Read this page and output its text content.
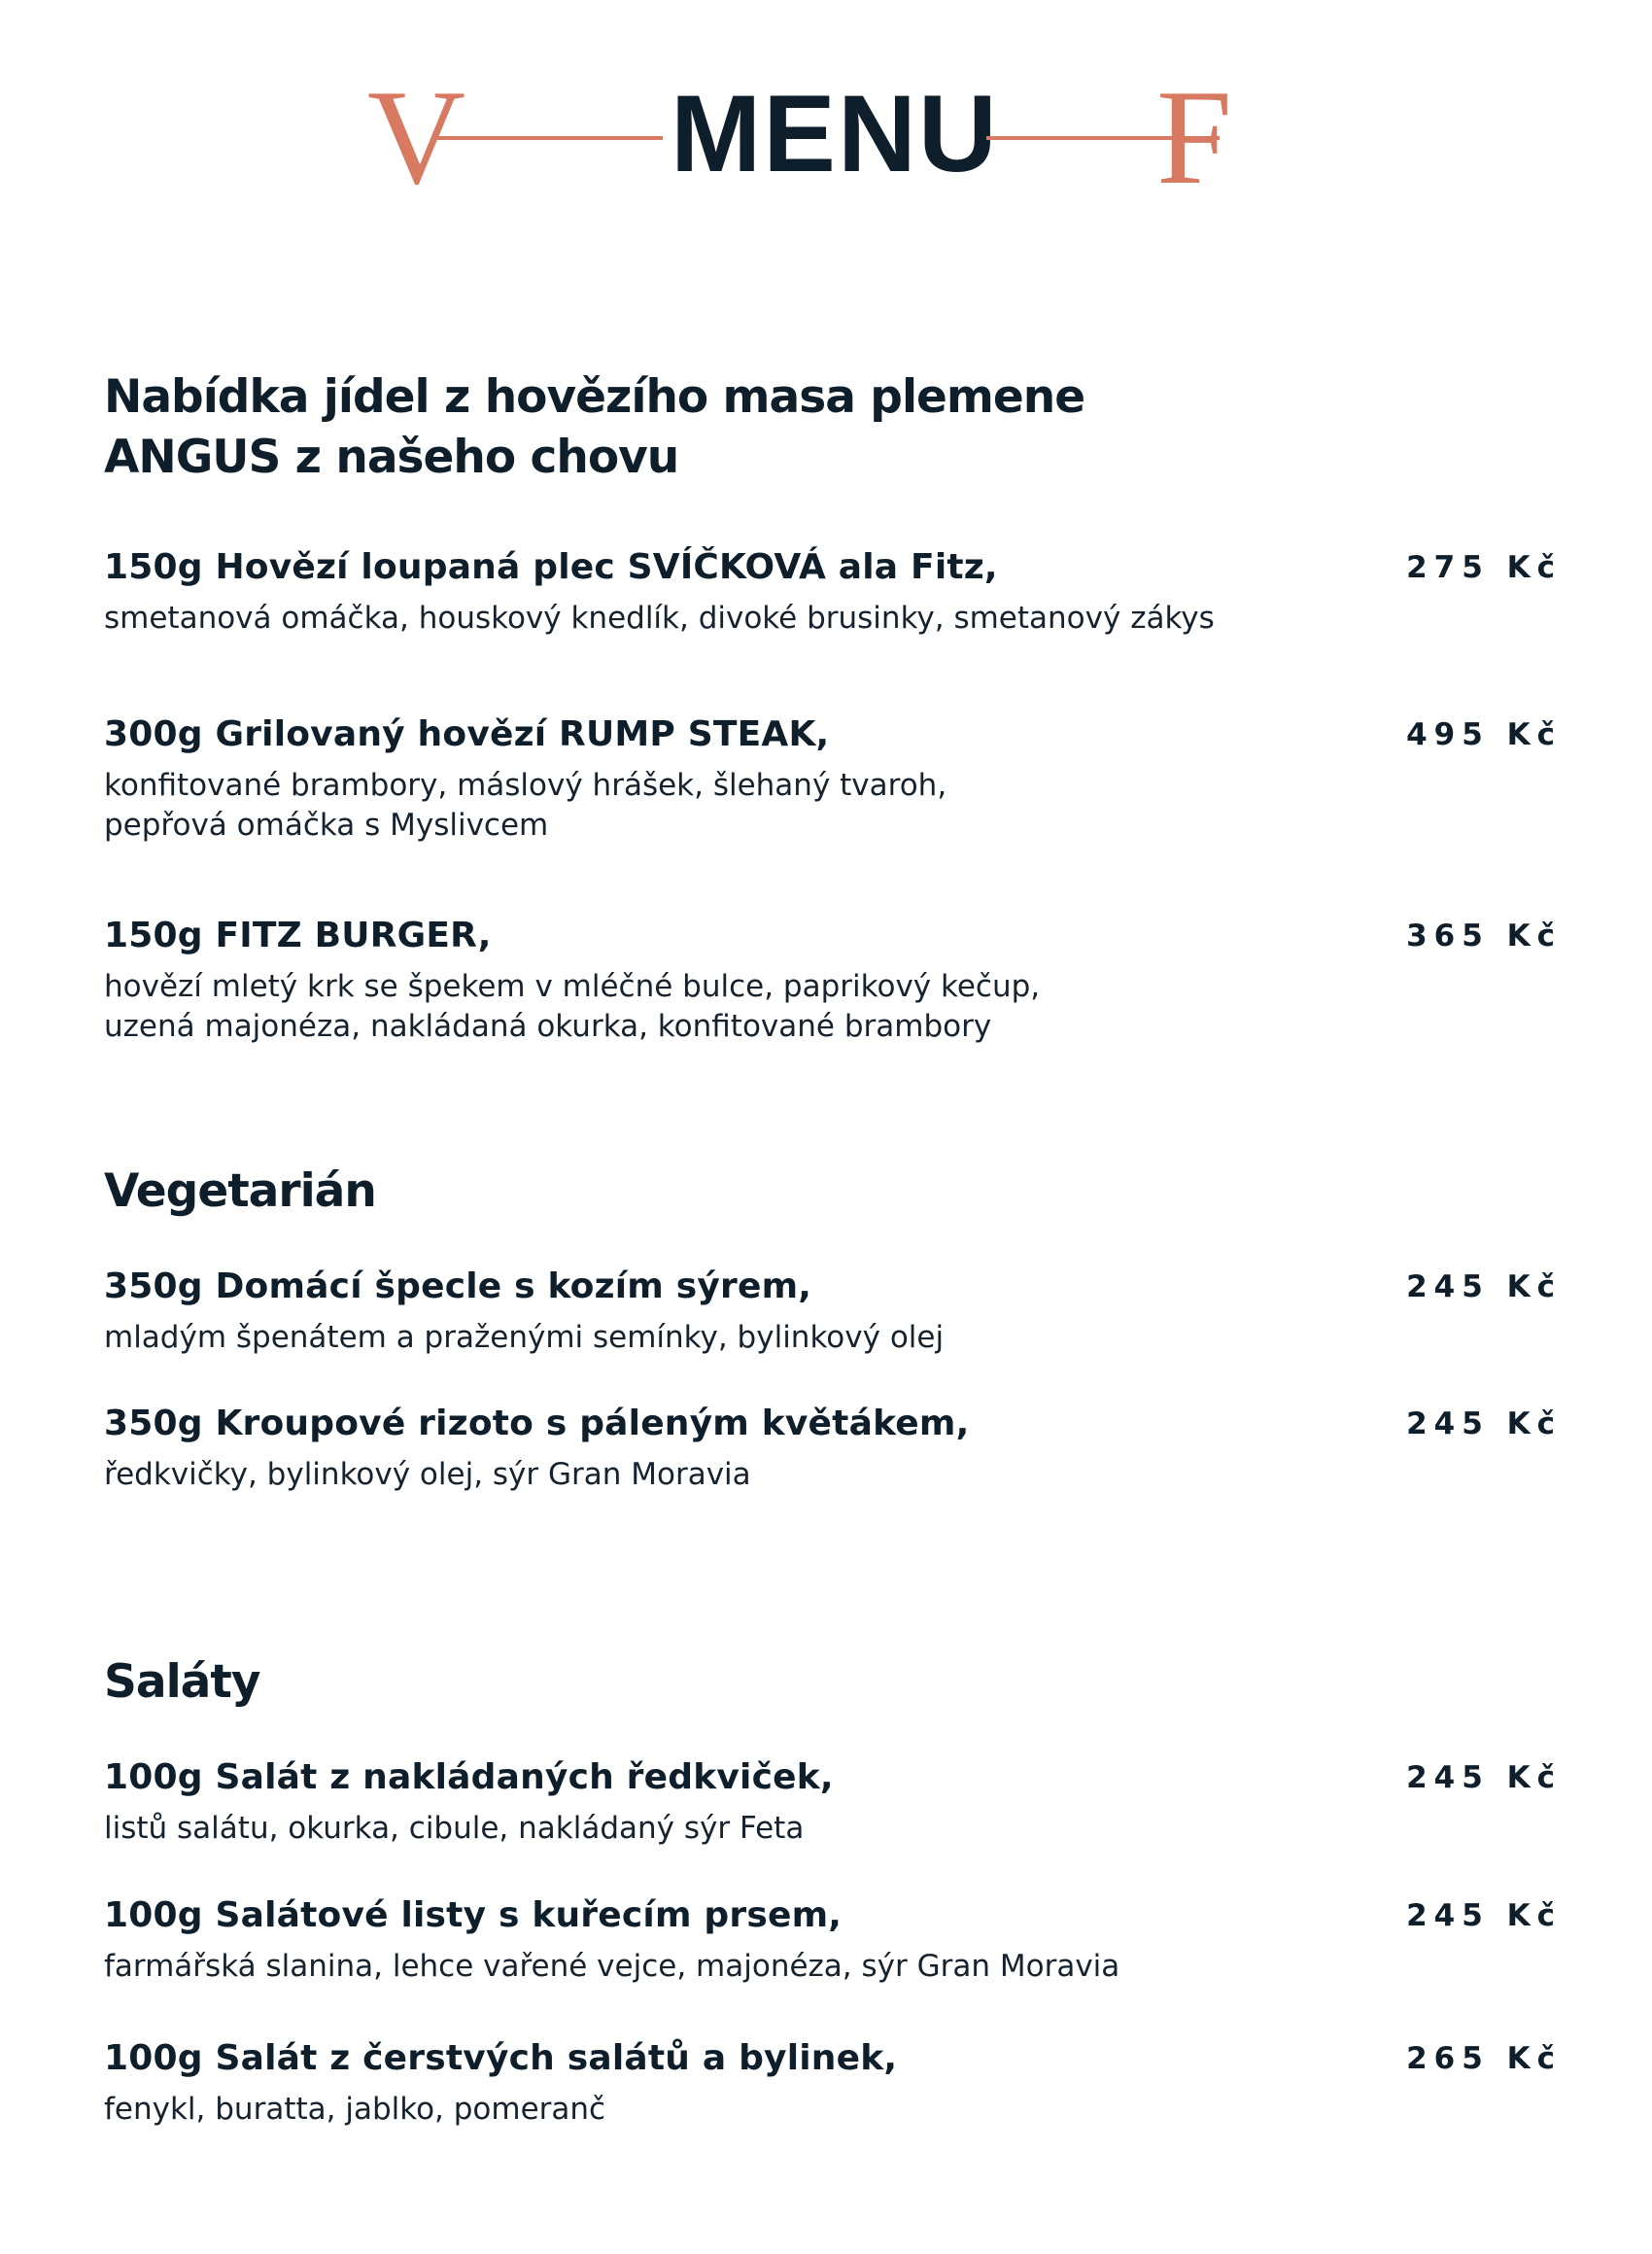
V MENU F
Nabídka jídel z hovězího masa plemene
ANGUS z našeho chovu
150g Hovězí loupaná plec SVÍČKOVÁ ala Fitz,
smetanová omáčka, houskový knedlík, divoké brusinky, smetanový zákys
275 Kč
300g Grilovaný hovězí RUMP STEAK,
konfitované brambory, máslový hrášek, šlehaný tvaroh,
pepřová omáčka s Myslivcem
495 Kč
150g FITZ BURGER,
hovězí mletý krk se špekem v mléčné bulce, paprikový kečup,
uzená majonéza, nakládaná okurka, konfitované brambory
365 Kč
Vegetarián
350g Domácí špecle s kozím sýrem,
mladým špenátem a praženými semínky, bylinkový olej
245 Kč
350g Kroupové rizoto s páleným květákem,
ředkvičky, bylinkový olej, sýr Gran Moravia
245 Kč
Saláty
100g Salát z nakládaných ředkviček,
listů salátu, okurka, cibule, nakládaný sýr Feta
245 Kč
100g Salátové listy s kuřecím prsem,
farmářská slanina, lehce vařené vejce, majonéza, sýr Gran Moravia
245 Kč
100g Salát z čerstvých salátů a bylinek,
fenykl, buratta, jablko, pomeranč
265 Kč
